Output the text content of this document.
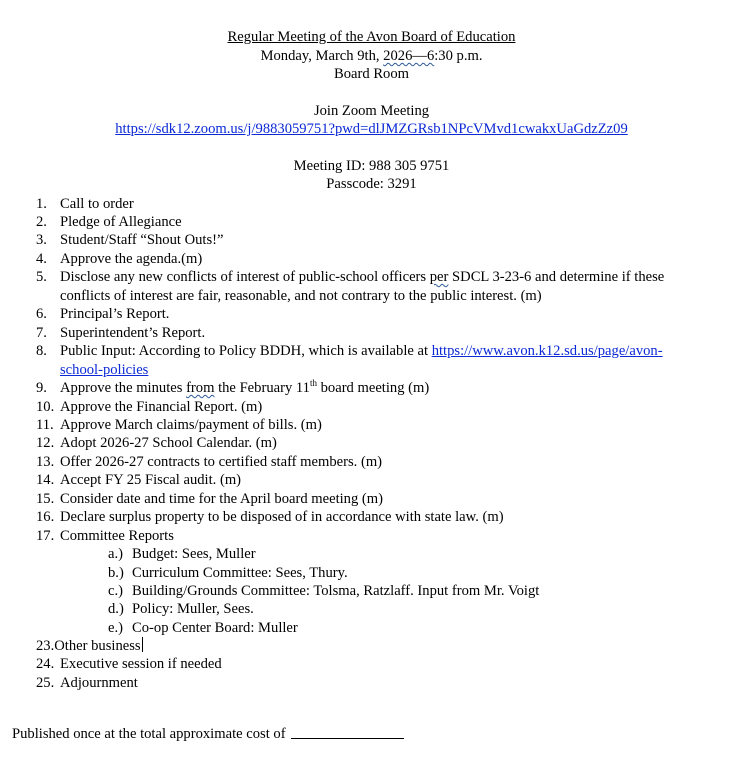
Regular Meeting of the Avon Board of Education
Monday, March 9th, 2026—6:30 p.m.
Board Room
Join Zoom Meeting
https://sdk12.zoom.us/j/9883059751?pwd=dlJMZGRsb1NPcVMvd1cwakxUaGdzZz09
Meeting ID: 988 305 9751
Passcode: 3291
1. Call to order
2. Pledge of Allegiance
3. Student/Staff “Shout Outs!”
4. Approve the agenda.(m)
5. Disclose any new conflicts of interest of public-school officers per SDCL 3-23-6 and determine if these
conflicts of interest are fair, reasonable, and not contrary to the public interest. (m)
6. Principal’s Report.
7. Superintendent’s Report.
8. Public Input: According to Policy BDDH, which is available at https://www.avon.k12.sd.us/page/avon-
school-policies
9. Approve the minutes from the February 11th board meeting (m)
10. Approve the Financial Report. (m)
11. Approve March claims/payment of bills. (m)
12. Adopt 2026-27 School Calendar. (m)
13. Offer 2026-27 contracts to certified staff members. (m)
14. Accept FY 25 Fiscal audit. (m)
15. Consider date and time for the April board meeting (m)
16. Declare surplus property to be disposed of in accordance with state law. (m)
17. Committee Reports
a.) Budget: Sees, Muller
b.) Curriculum Committee: Sees, Thury.
c.) Building/Grounds Committee: Tolsma, Ratzlaff. Input from Mr. Voigt
d.) Policy: Muller, Sees.
e.) Co-op Center Board: Muller
23.Other business
24. Executive session if needed
25. Adjournment
Published once at the total approximate cost of
